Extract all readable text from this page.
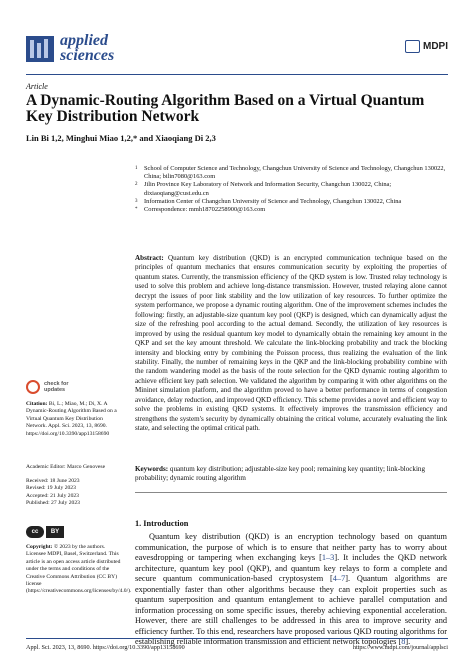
applied
sciences
MDPI
Article
A Dynamic-Routing Algorithm Based on a Virtual Quantum Key Distribution Network
Lin Bi 1,2, Minghui Miao 1,2,* and Xiaoqiang Di 2,3
1	School of Computer Science and Technology, Changchun University of Science and Technology, Changchun 130022, China; bilin7080@163.com
2	Jilin Province Key Laboratory of Network and Information Security, Changchun 130022, China; dixiaoqiang@cust.edu.cn
3	Information Center of Changchun University of Science and Technology, Changchun 130022, China
*	Correspondence: mmh18702258900@163.com
Abstract: Quantum key distribution (QKD) is an encrypted communication technique based on the principles of quantum mechanics that ensures communication security by exploiting the properties of quantum states. Currently, the transmission efficiency of the QKD system is low. Trusted relay technology is used to solve this problem and achieve long-distance transmission. However, trusted relaying alone cannot decrypt the issues of poor link stability and the low utilization of key resources. To further optimize the system performance, we propose a dynamic routing algorithm. One of the improvement schemes includes the following: firstly, an adjustable-size quantum key pool (QKP) is designed, which can dynamically adjust the size of the refreshing pool according to the actual demand. Secondly, the utilization of key resources is improved by using the residual quantum key model to dynamically obtain the remaining key amount in the QKP and set the key amount threshold. We calculate the link-blocking probability and track the blocking intensity and blocking entry by combining the Poisson process, thus realizing the evaluation of the link stability. Finally, the number of remaining keys in the QKP and the link-blocking probability combine with the random wandering model as the basis of the route selection for the QKD dynamic routing algorithm to achieve efficient key path selection. We validated the algorithm by comparing it with other algorithms on the Mininet simulation platform, and the algorithm proved to have a better performance in terms of congestion avoidance, delay reduction, and improved QKD efficiency. This scheme provides a novel and efficient way to solve the problems in existing QKD systems. It effectively improves the transmission efficiency and strengthens the system's security by dynamically obtaining the critical volume, accurately evaluating the link state, and selecting the optimal critical path.
Keywords: quantum key distribution; adjustable-size key pool; remaining key quantity; link-blocking probability; dynamic routing algorithm
1. Introduction
Quantum key distribution (QKD) is an encryption technology based on quantum communication, the purpose of which is to ensure that neither party has to worry about eavesdropping or tampering when exchanging keys [1–3]. It includes the QKD network architecture, quantum key pool (QKP), and quantum key relays to form a complete and secure quantum communication-based cryptosystem [4–7]. Quantum algorithms are exponentially faster than other algorithms because they can exploit properties such as quantum superposition and quantum entanglement to achieve parallel computation and information processing on some specific issues, thereby achieving exponential acceleration. However, there are still challenges to be addressed in this area to improve security and efficiency further. To this end, researchers have proposed various QKD routing algorithms for establishing reliable information transmission and efficient network topologies [8].
check for
updates
Citation: Bi, L.; Miao, M.; Di, X. A Dynamic-Routing Algorithm Based on a Virtual Quantum Key Distribution Network. Appl. Sci. 2023, 13, 8690. https://doi.org/10.3390/app13158690
Academic Editor: Marco Genovese
Received: 18 June 2023
Revised: 19 July 2023
Accepted: 21 July 2023
Published: 27 July 2023
cc	BY
Copyright: © 2023 by the authors. Licensee MDPI, Basel, Switzerland. This article is an open access article distributed under the terms and conditions of the Creative Commons Attribution (CC BY) license (https://creativecommons.org/licenses/by/4.0/).
Appl. Sci. 2023, 13, 8690. https://doi.org/10.3390/app13158690	https://www.mdpi.com/journal/applsci
